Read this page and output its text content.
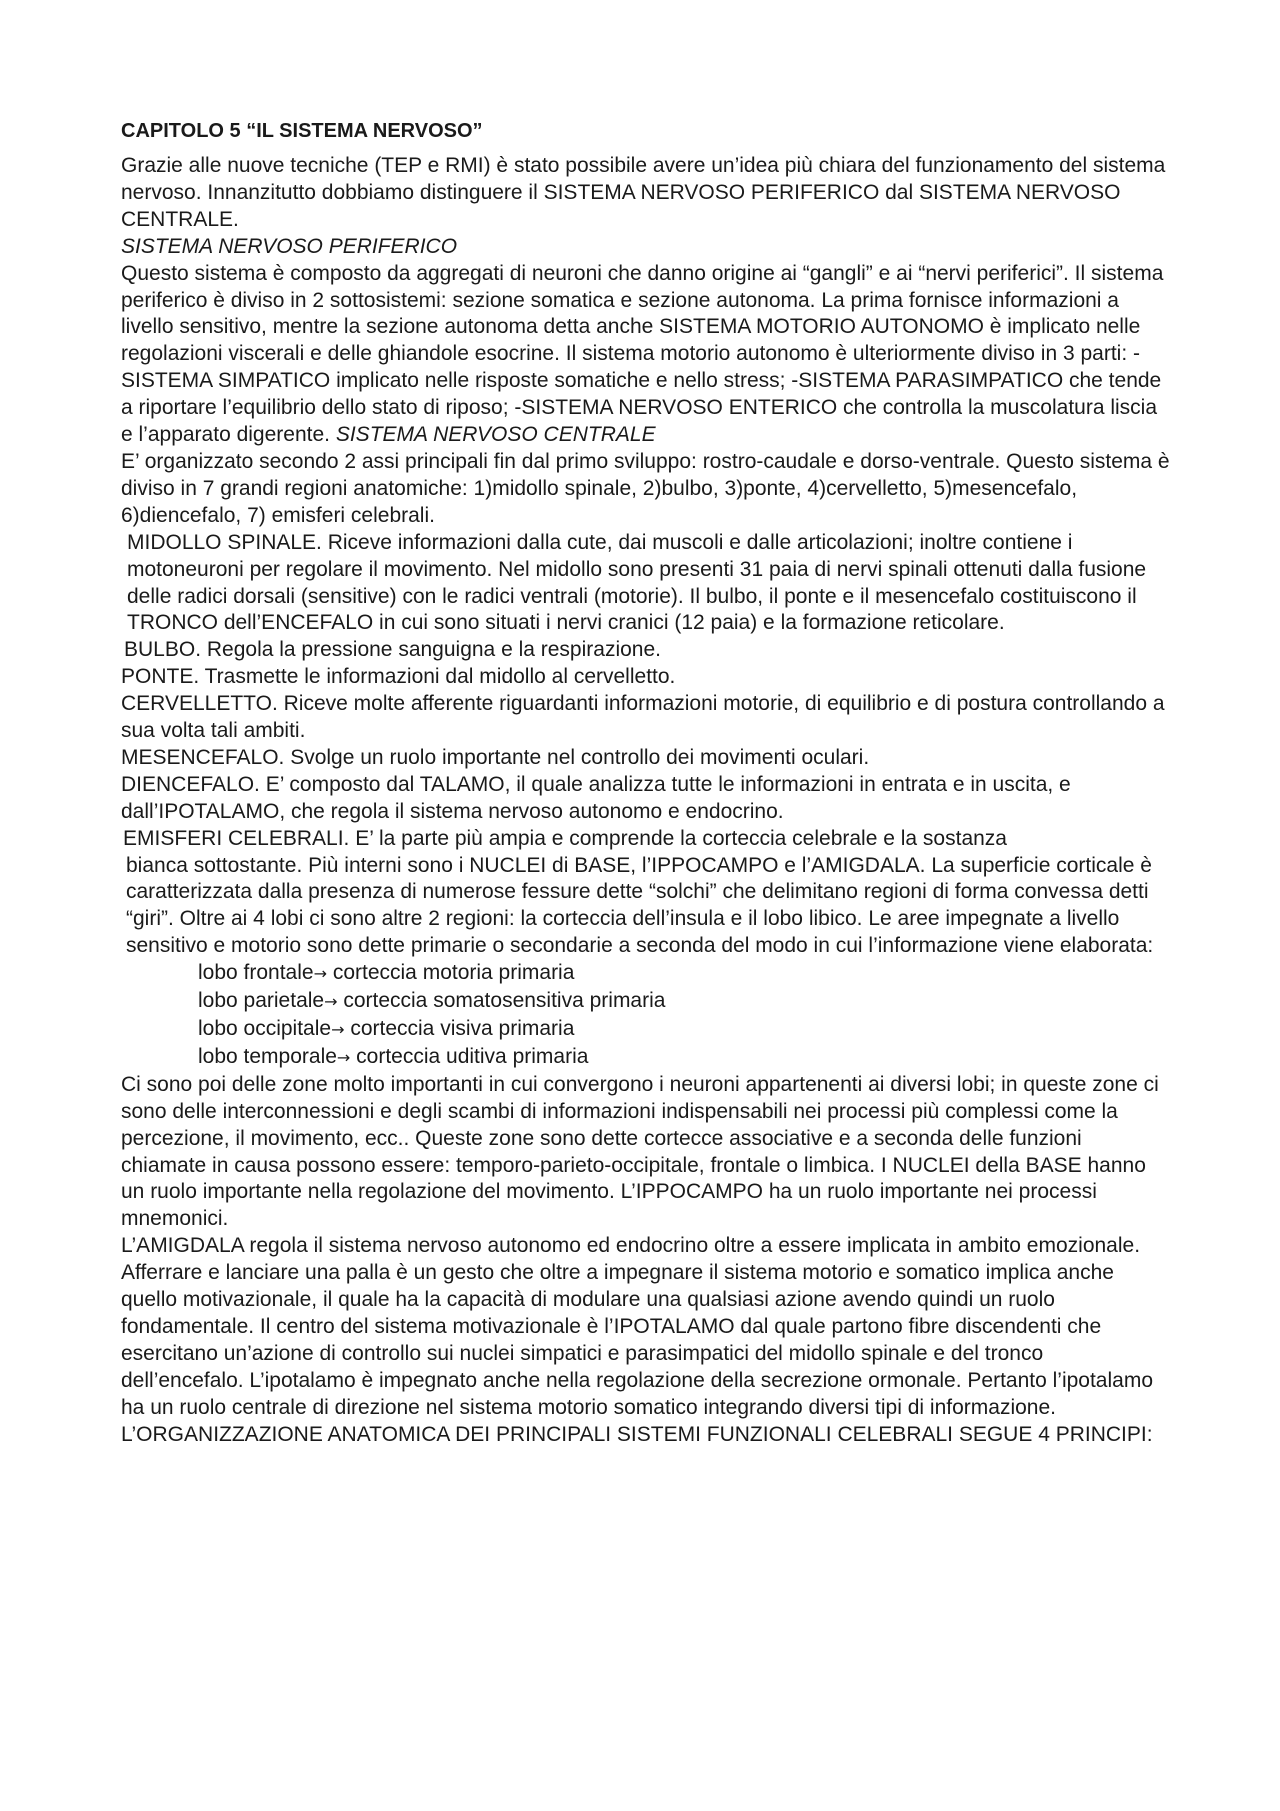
CAPITOLO 5 “IL SISTEMA NERVOSO”

Grazie alle nuove tecniche (TEP e RMI) è stato possibile avere un’idea più chiara del funzionamento del sistema nervoso. Innanzitutto dobbiamo distinguere il SISTEMA NERVOSO PERIFERICO dal SISTEMA NERVOSO CENTRALE.

SISTEMA NERVOSO PERIFERICO

Questo sistema è composto da aggregati di neuroni che danno origine ai “gangli” e ai “nervi periferici”. Il sistema periferico è diviso in 2 sottosistemi: sezione somatica e sezione autonoma. La prima fornisce informazioni a livello sensitivo, mentre la sezione autonoma detta anche SISTEMA MOTORIO AUTONOMO è implicato nelle regolazioni viscerali e delle ghiandole esocrine. Il sistema motorio autonomo è ulteriormente diviso in 3 parti: -SISTEMA SIMPATICO implicato nelle risposte somatiche e nello stress; -SISTEMA PARASIMPATICO che tende a riportare l’equilibrio dello stato di riposo; -SISTEMA NERVOSO ENTERICO che controlla la muscolatura liscia e l’apparato digerente. SISTEMA NERVOSO CENTRALE

E’ organizzato secondo 2 assi principali fin dal primo sviluppo: rostro-caudale e dorso-ventrale. Questo sistema è diviso in 7 grandi regioni anatomiche: 1)midollo spinale, 2)bulbo, 3)ponte, 4)cervelletto, 5)mesencefalo, 6)diencefalo, 7) emisferi celebrali.

MIDOLLO SPINALE. Riceve informazioni dalla cute, dai muscoli e dalle articolazioni; inoltre contiene i motoneuroni per regolare il movimento. Nel midollo sono presenti 31 paia di nervi spinali ottenuti dalla fusione delle radici dorsali (sensitive) con le radici ventrali (motorie). Il bulbo, il ponte e il mesencefalo costituiscono il TRONCO dell’ENCEFALO in cui sono situati i nervi cranici (12 paia) e la formazione reticolare.

BULBO. Regola la pressione sanguigna e la respirazione.

PONTE. Trasmette le informazioni dal midollo al cervelletto.

CERVELLETTO. Riceve molte afferente riguardanti informazioni motorie, di equilibrio e di postura controllando a sua volta tali ambiti.

MESENCEFALO. Svolge un ruolo importante nel controllo dei movimenti oculari.

DIENCEFALO. E’ composto dal TALAMO, il quale analizza tutte le informazioni in entrata e in uscita, e dall’IPOTALAMO, che regola il sistema nervoso autonomo e endocrino.

EMISFERI CELEBRALI. E’ la parte più ampia e comprende la corteccia celebrale e la sostanza
bianca sottostante. Più interni sono i NUCLEI di BASE, l’IPPOCAMPO e l’AMIGDALA. La superficie corticale è caratterizzata dalla presenza di numerose fessure dette “solchi” che delimitano regioni di forma convessa detti “giri”. Oltre ai 4 lobi ci sono altre 2 regioni: la corteccia dell’insula e il lobo libico. Le aree impegnate a livello sensitivo e motorio sono dette primarie o secondarie a seconda del modo in cui l’informazione viene elaborata:
lobo frontale→ corteccia motoria primaria
lobo parietale→ corteccia somatosensitiva primaria
lobo occipitale→ corteccia visiva primaria
lobo temporale→ corteccia uditiva primaria

Ci sono poi delle zone molto importanti in cui convergono i neuroni appartenenti ai diversi lobi; in queste zone ci sono delle interconnessioni e degli scambi di informazioni indispensabili nei processi più complessi come la percezione, il movimento, ecc.. Queste zone sono dette cortecce associative e a seconda delle funzioni chiamate in causa possono essere: temporo-parieto-occipitale, frontale o limbica. I NUCLEI della BASE hanno un ruolo importante nella regolazione del movimento. L’IPPOCAMPO ha un ruolo importante nei processi mnemonici.

L’AMIGDALA regola il sistema nervoso autonomo ed endocrino oltre a essere implicata in ambito emozionale. Afferrare e lanciare una palla è un gesto che oltre a impegnare il sistema motorio e somatico implica anche quello motivazionale, il quale ha la capacità di modulare una qualsiasi azione avendo quindi un ruolo fondamentale. Il centro del sistema motivazionale è l’IPOTALAMO dal quale partono fibre discendenti che esercitano un’azione di controllo sui nuclei simpatici e parasimpatici del midollo spinale e del tronco dell’encefalo. L’ipotalamo è impegnato anche nella regolazione della secrezione ormonale. Pertanto l’ipotalamo ha un ruolo centrale di direzione nel sistema motorio somatico integrando diversi tipi di informazione.

L’ORGANIZZAZIONE ANATOMICA DEI PRINCIPALI SISTEMI FUNZIONALI CELEBRALI SEGUE 4 PRINCIPI:
